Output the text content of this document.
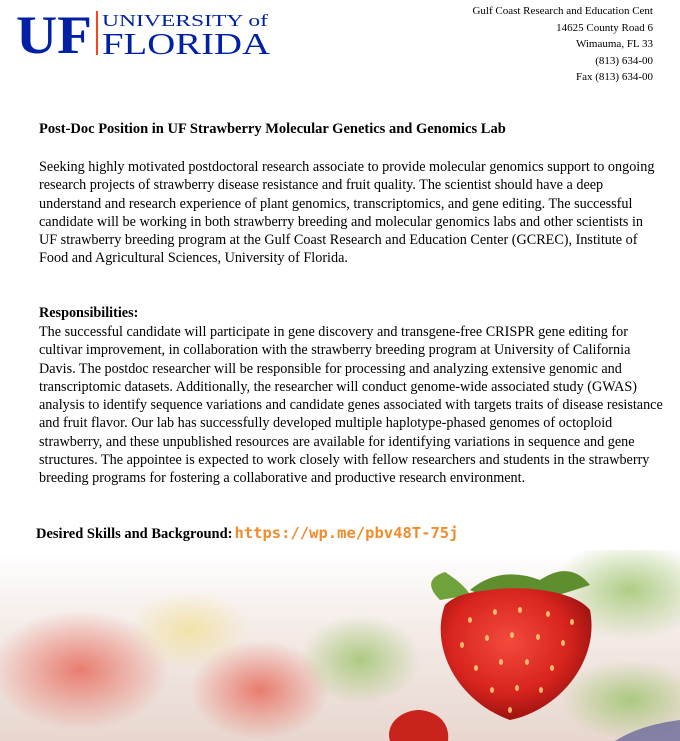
UF UNIVERSITY of
FLORIDA
Gulf Coast Research and Education Cent
14625 County Road 6
Wimauma, FL 33
(813) 634-00
Fax (813) 634-00
Post-Doc Position in UF Strawberry Molecular Genetics and Genomics Lab

Seeking highly motivated postdoctoral research associate to provide molecular genomics support to ongoing research projects of strawberry disease resistance and fruit quality. The scientist should have a deep understand and research experience of plant genomics, transcriptomics, and gene editing. The successful candidate will be working in both strawberry breeding and molecular genomics labs and other scientists in UF strawberry breeding program at the Gulf Coast Research and Education Center (GCREC), Institute of Food and Agricultural Sciences, University of Florida.

Responsibilities:

The successful candidate will participate in gene discovery and transgene-free CRISPR gene editing for cultivar improvement, in collaboration with the strawberry breeding program at University of California Davis. The postdoc researcher will be responsible for processing and analyzing extensive genomic and transcriptomic datasets. Additionally, the researcher will conduct genome-wide associated study (GWAS) analysis to identify sequence variations and candidate genes associated with targets traits of disease resistance and fruit flavor. Our lab has successfully developed multiple haplotype-phased genomes of octoploid strawberry, and these unpublished resources are available for identifying variations in sequence and gene structures. The appointee is expected to work closely with fellow researchers and students in the strawberry breeding programs for fostering a collaborative and productive research environment.

Desired Skills and Background: https://wp.me/pbv48T-75j
